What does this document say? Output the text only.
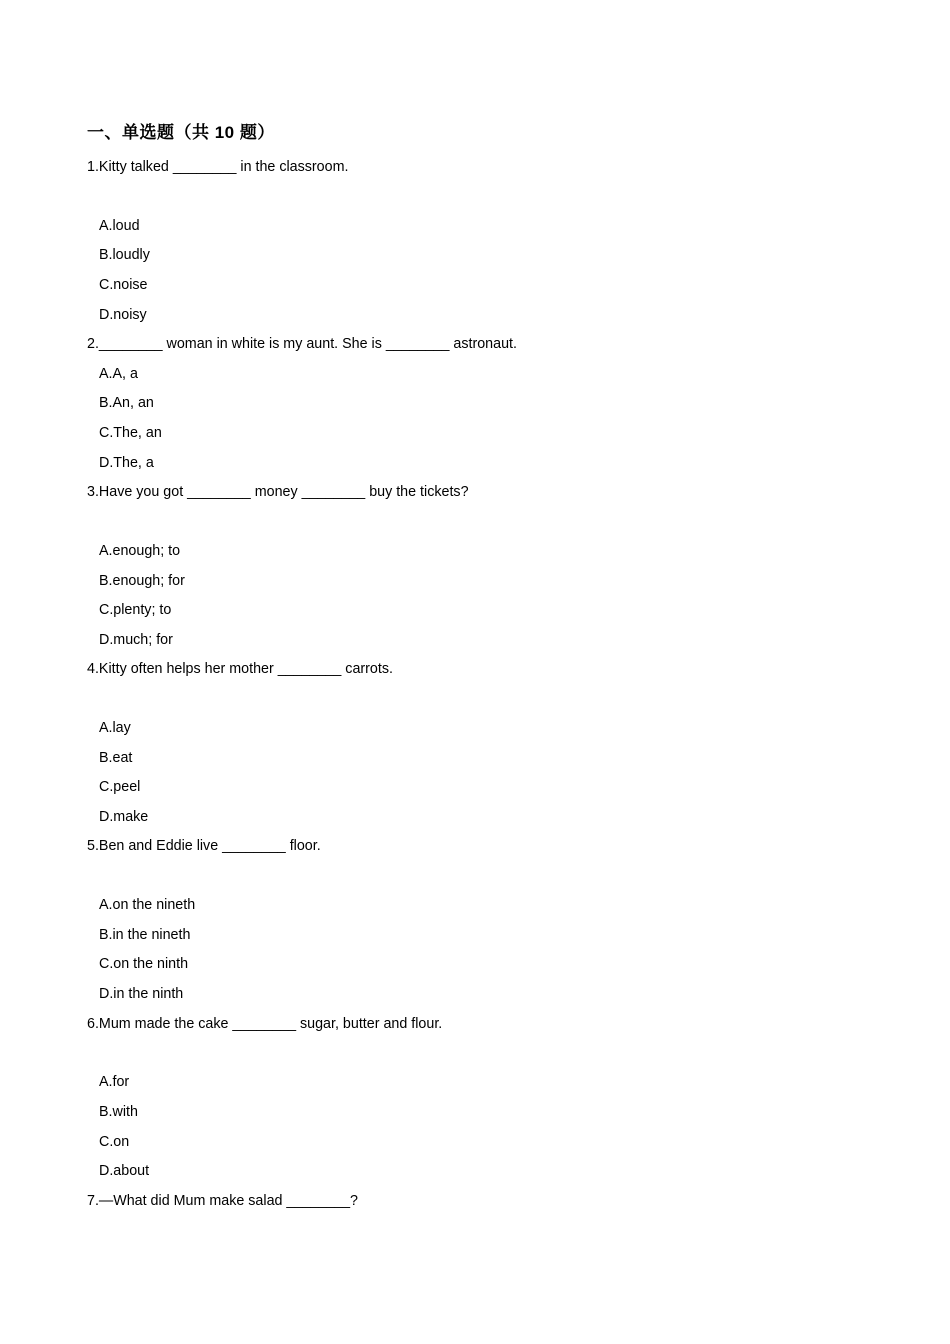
一、单选题（共 10 题）
1.Kitty talked ________ in the classroom.
A.loud
B.loudly
C.noise
D.noisy
2.________ woman in white is my aunt. She is ________ astronaut.
A.A, a
B.An, an
C.The, an
D.The, a
3.Have you got ________ money ________ buy the tickets?
A.enough; to
B.enough; for
C.plenty; to
D.much; for
4.Kitty often helps her mother ________ carrots.
A.lay
B.eat
C.peel
D.make
5.Ben and Eddie live ________ floor.
A.on the nineth
B.in the nineth
C.on the ninth
D.in the ninth
6.Mum made the cake ________ sugar, butter and flour.
A.for
B.with
C.on
D.about
7.—What did Mum make salad ________?
